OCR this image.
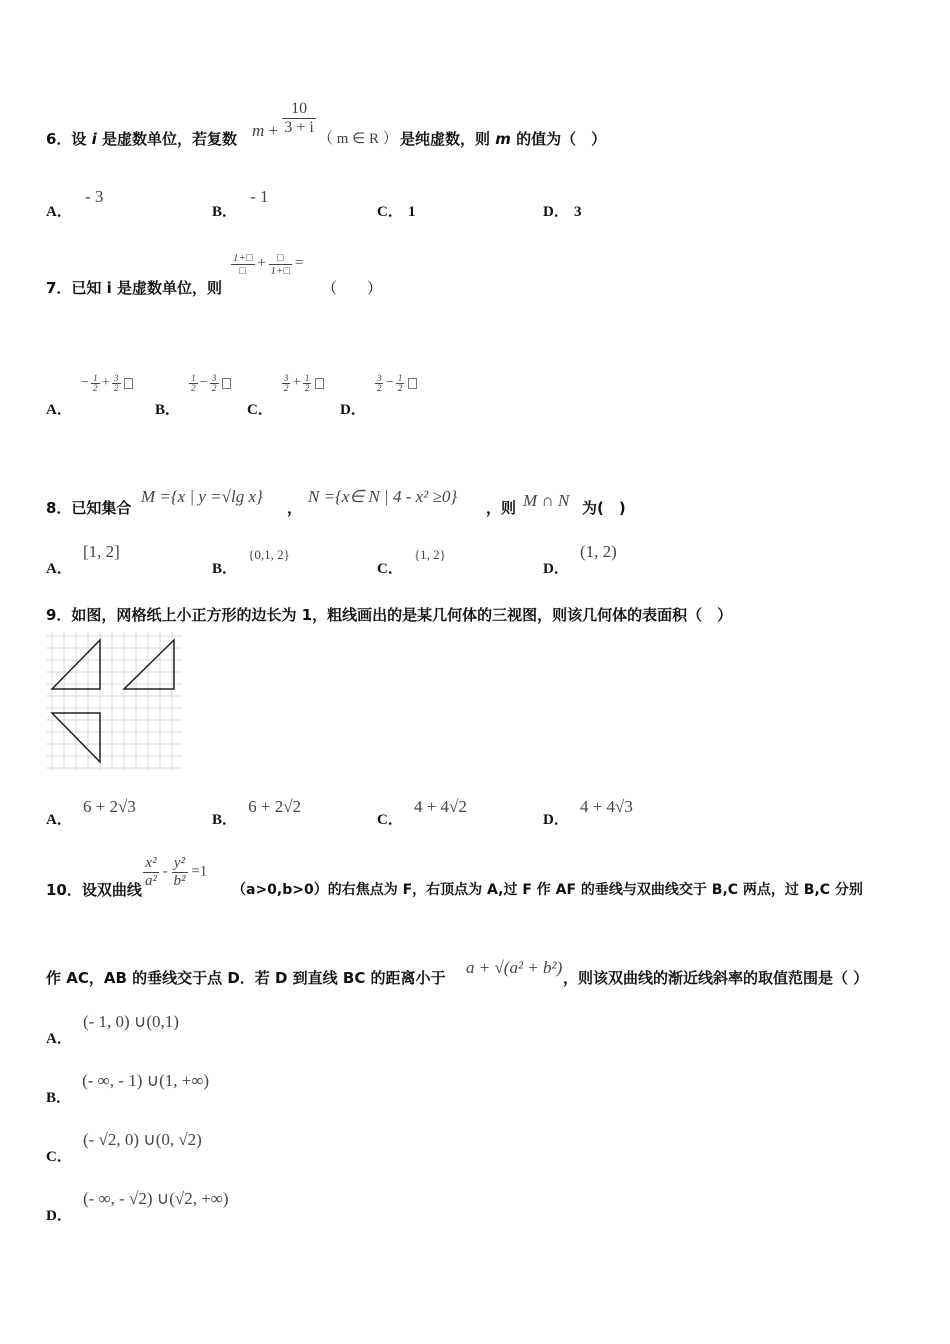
6．设 i 是虚数单位，若复数 $m + \frac{10}{3 + i}$
（ m ∈ R ） 是纯虚数，则 m 的值为（　）
A． - 3
B． - 1
C． 1	D． 3
7．已知 i 是虚数单位，则
$\frac{1+□}{□} + \frac{□}{1+□}$ =
（　　）
A． − $\frac{1}{2} + \frac{3}{2}$

B．
$\frac{1}{2} - \frac{3}{2}$

C．
$\frac{3}{2} + \frac{1}{2}$

D．
$\frac{3}{2} - \frac{1}{2}$

8．已知集合
M ={x | y =√lg x}
，
N ={x∈ N | 4 - x² ≥0}
，则 M ∩ N 为(　)
A． [1, 2]
B． {0,1, 2}
C． {1, 2}
D． (1, 2)
9．如图，网格纸上小正方形的边长为 1，粗线画出的是某几何体的三视图，则该几何体的表面积（　）
A． 6 + 2√3
B． 6 + 2√2
C． 4 + 4√2
D． 4 + 4√3
10．设双曲线
$\frac{\text{x²}}{\text{a²}} - \frac{\text{y²}}{\text{b²}} =1$
（a>0,b>0）的右焦点为 F，右顶点为 A,过 F 作 AF 的垂线与双曲线交于 B,C 两点，过 B,C 分别
作 AC，AB 的垂线交于点 D．若 D 到直线 BC 的距离小于
a + √(a² + b²)
，则该双曲线的渐近线斜率的取值范围是（ ）
A． (- 1, 0) ∪(0,1)
B． (- ∞, - 1) ∪(1, +∞)
C． (- √2, 0) ∪(0, √2)
D． (- ∞, - √2) ∪(√2, +∞)
